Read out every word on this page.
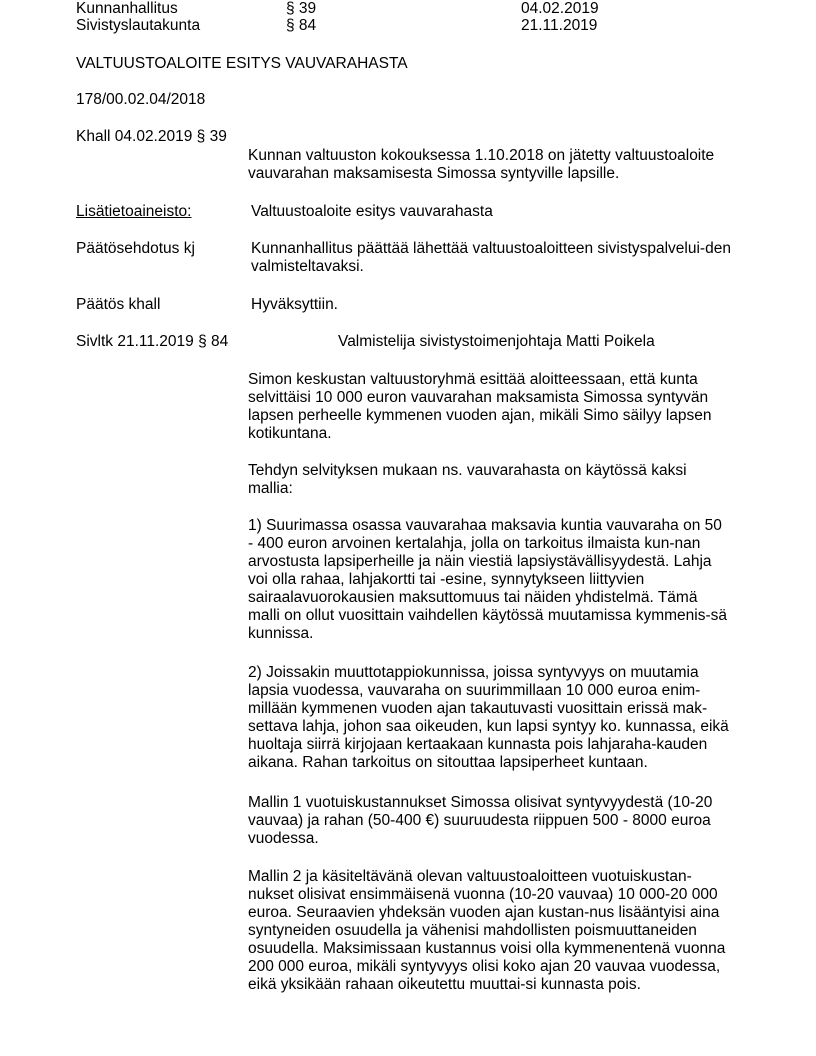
Kunnanhallitus	§ 39	04.02.2019
Sivistyslautakunta	§ 84	21.11.2019
VALTUUSTOALOITE ESITYS VAUVARAHASTA
178/00.02.04/2018
Khall 04.02.2019 § 39
Kunnan valtuuston kokouksessa 1.10.2018 on jätetty valtuustoaloite vauvarahan maksamisesta Simossa syntyville lapsille.
Lisätietoaineisto:	Valtuustoaloite esitys vauvarahasta
Päätösehdotus kj	Kunnanhallitus päättää lähettää valtuustoaloitteen sivistyspalvelui-den valmisteltavaksi.
Päätös khall	Hyväksyttiin.
Sivltk 21.11.2019 § 84	Valmistelija sivistystoimenjohtaja Matti Poikela
Simon keskustan valtuustoryhmä esittää aloitteessaan, että kunta selvittäisi 10 000 euron vauvarahan maksamista Simossa syntyvän lapsen perheelle kymmenen vuoden ajan, mikäli Simo säilyy lapsen kotikuntana.
Tehdyn selvityksen mukaan ns. vauvarahasta on käytössä kaksi mallia:
1) Suurimassa osassa vauvarahaa maksavia kuntia vauvaraha on 50 - 400 euron arvoinen kertalahja, jolla on tarkoitus ilmaista kun-nan arvostusta lapsiperheille ja näin viestiä lapsiystävällisyydestä. Lahja voi olla rahaa, lahjakortti tai -esine, synnytykseen liittyvien sairaalavuorokausien maksuttomuus tai näiden yhdistelmä. Tämä malli on ollut vuosittain vaihdellen käytössä muutamissa kymmenis-sä kunnissa.
2) Joissakin muuttotappiokunnissa, joissa syntyvyys on muutamia lapsia vuodessa, vauvaraha on suurimmillaan 10 000 euroa enim-millään kymmenen vuoden ajan takautuvasti vuosittain erissä mak-settava lahja, johon saa oikeuden, kun lapsi syntyy ko. kunnassa, eikä huoltaja siirrä kirjojaan kertaakaan kunnasta pois lahjaraha-kauden aikana. Rahan tarkoitus on sitouttaa lapsiperheet kuntaan.
Mallin 1 vuotuiskustannukset Simossa olisivat syntyvyydestä (10-20 vauvaa) ja rahan (50-400 €) suuruudesta riippuen 500 - 8000 euroa vuodessa.
Mallin 2 ja käsiteltävänä olevan valtuustoaloitteen vuotuiskustan-nukset olisivat ensimmäisenä vuonna (10-20 vauvaa) 10 000-20 000 euroa. Seuraavien yhdeksän vuoden ajan kustan-nus lisääntyisi aina syntyneiden osuudella ja vähenisi mahdollisten poismuuttaneiden osuudella. Maksimissaan kustannus voisi olla kymmenentenä vuonna 200 000 euroa, mikäli syntyvyys olisi koko ajan 20 vauvaa vuodessa, eikä yksikään rahaan oikeutettu muuttai-si kunnasta pois.
